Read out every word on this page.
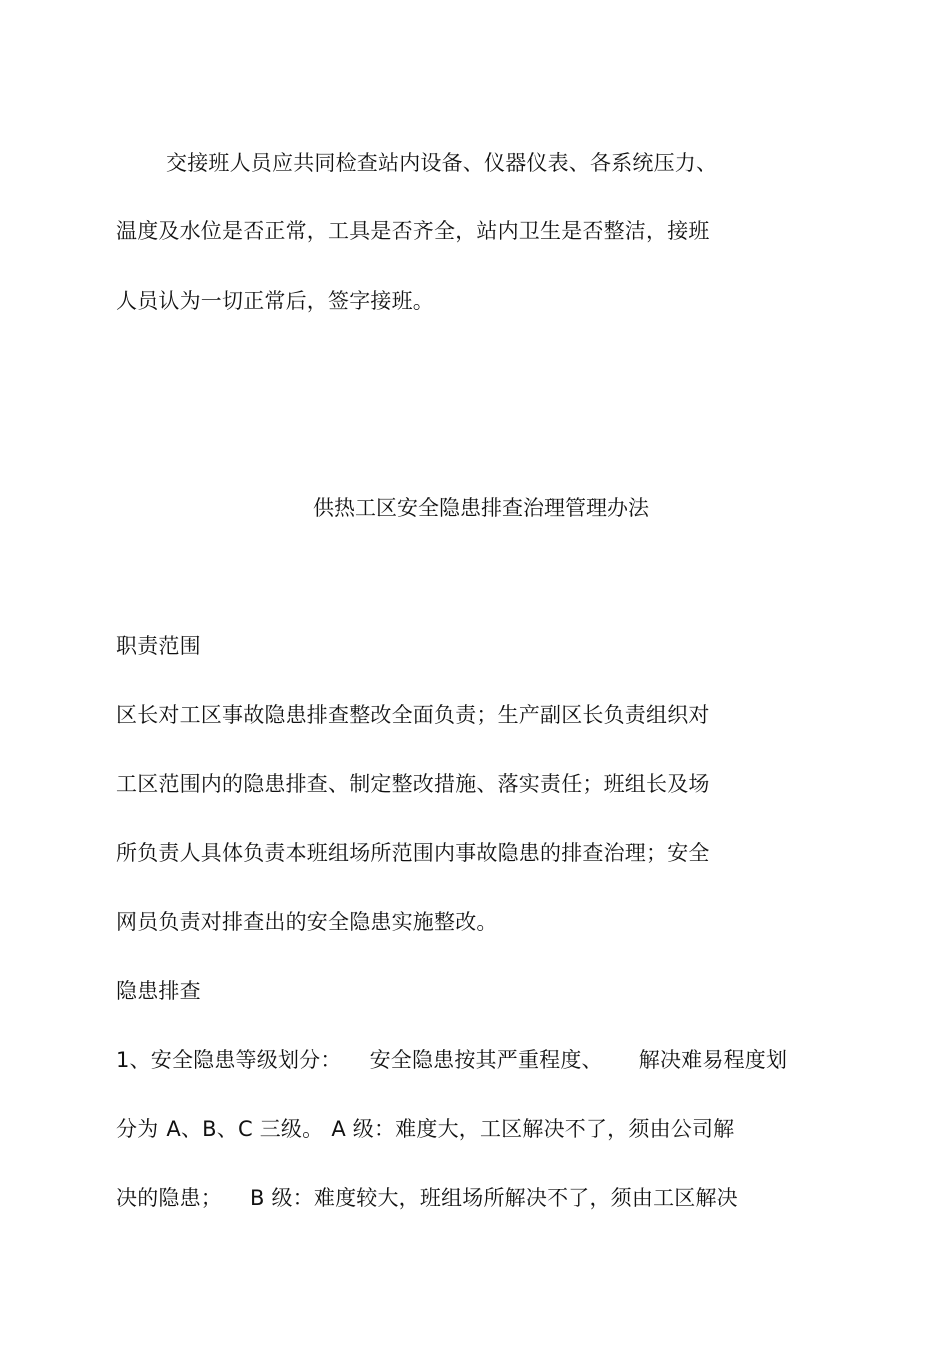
交接班人员应共同检查站内设备、仪器仪表、各系统压力、
温度及水位是否正常，工具是否齐全，站内卫生是否整洁，接班
人员认为一切正常后，签字接班。
供热工区安全隐患排查治理管理办法
职责范围
区长对工区事故隐患排查整改全面负责；生产副区长负责组织对
工区范围内的隐患排查、制定整改措施、落实责任；班组长及场
所负责人具体负责本班组场所范围内事故隐患的排查治理；安全
网员负责对排查出的安全隐患实施整改。
隐患排查
1、安全隐患等级划分： 安全隐患按其严重程度、 解决难易程度划
分为 A、B、C 三级。 A 级：难度大，工区解决不了，须由公司解
决的隐患； B 级：难度较大，班组场所解决不了，须由工区解决
